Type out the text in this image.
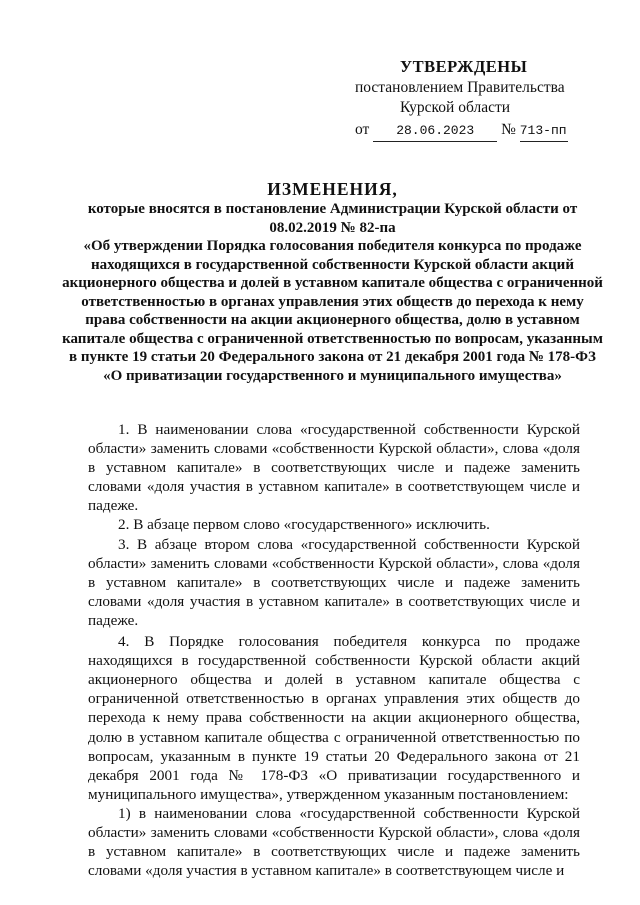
УТВЕРЖДЕНЫ
постановлением Правительства
Курской области
от 28.06.2023 № 713-пп
ИЗМЕНЕНИЯ,
которые вносятся в постановление Администрации Курской области от 08.02.2019 № 82-па
«Об утверждении Порядка голосования победителя конкурса по продаже находящихся в государственной собственности Курской области акций акционерного общества и долей в уставном капитале общества с ограниченной ответственностью в органах управления этих обществ до перехода к нему права собственности на акции акционерного общества, долю в уставном капитале общества с ограниченной ответственностью по вопросам, указанным в пункте 19 статьи 20 Федерального закона от 21 декабря 2001 года № 178-ФЗ «О приватизации государственного и муниципального имущества»

1. В наименовании слова «государственной собственности Курской области» заменить словами «собственности Курской области», слова «доля в уставном капитале» в соответствующих числе и падеже заменить словами «доля участия в уставном капитале» в соответствующем числе и падеже.

2. В абзаце первом слово «государственного» исключить.

3. В абзаце втором слова «государственной собственности Курской области» заменить словами «собственности Курской области», слова «доля в уставном капитале» в соответствующих числе и падеже заменить словами «доля участия в уставном капитале» в соответствующих числе и падеже.

4. В Порядке голосования победителя конкурса по продаже находящихся в государственной собственности Курской области акций акционерного общества и долей в уставном капитале общества с ограниченной ответственностью в органах управления этих обществ до перехода к нему права собственности на акции акционерного общества, долю в уставном капитале общества с ограниченной ответственностью по вопросам, указанным в пункте 19 статьи 20 Федерального закона от 21 декабря 2001 года № 178-ФЗ «О приватизации государственного и муниципального имущества», утвержденном указанным постановлением:

1) в наименовании слова «государственной собственности Курской области» заменить словами «собственности Курской области», слова «доля в уставном капитале» в соответствующих числе и падеже заменить словами «доля участия в уставном капитале» в соответствующем числе и
